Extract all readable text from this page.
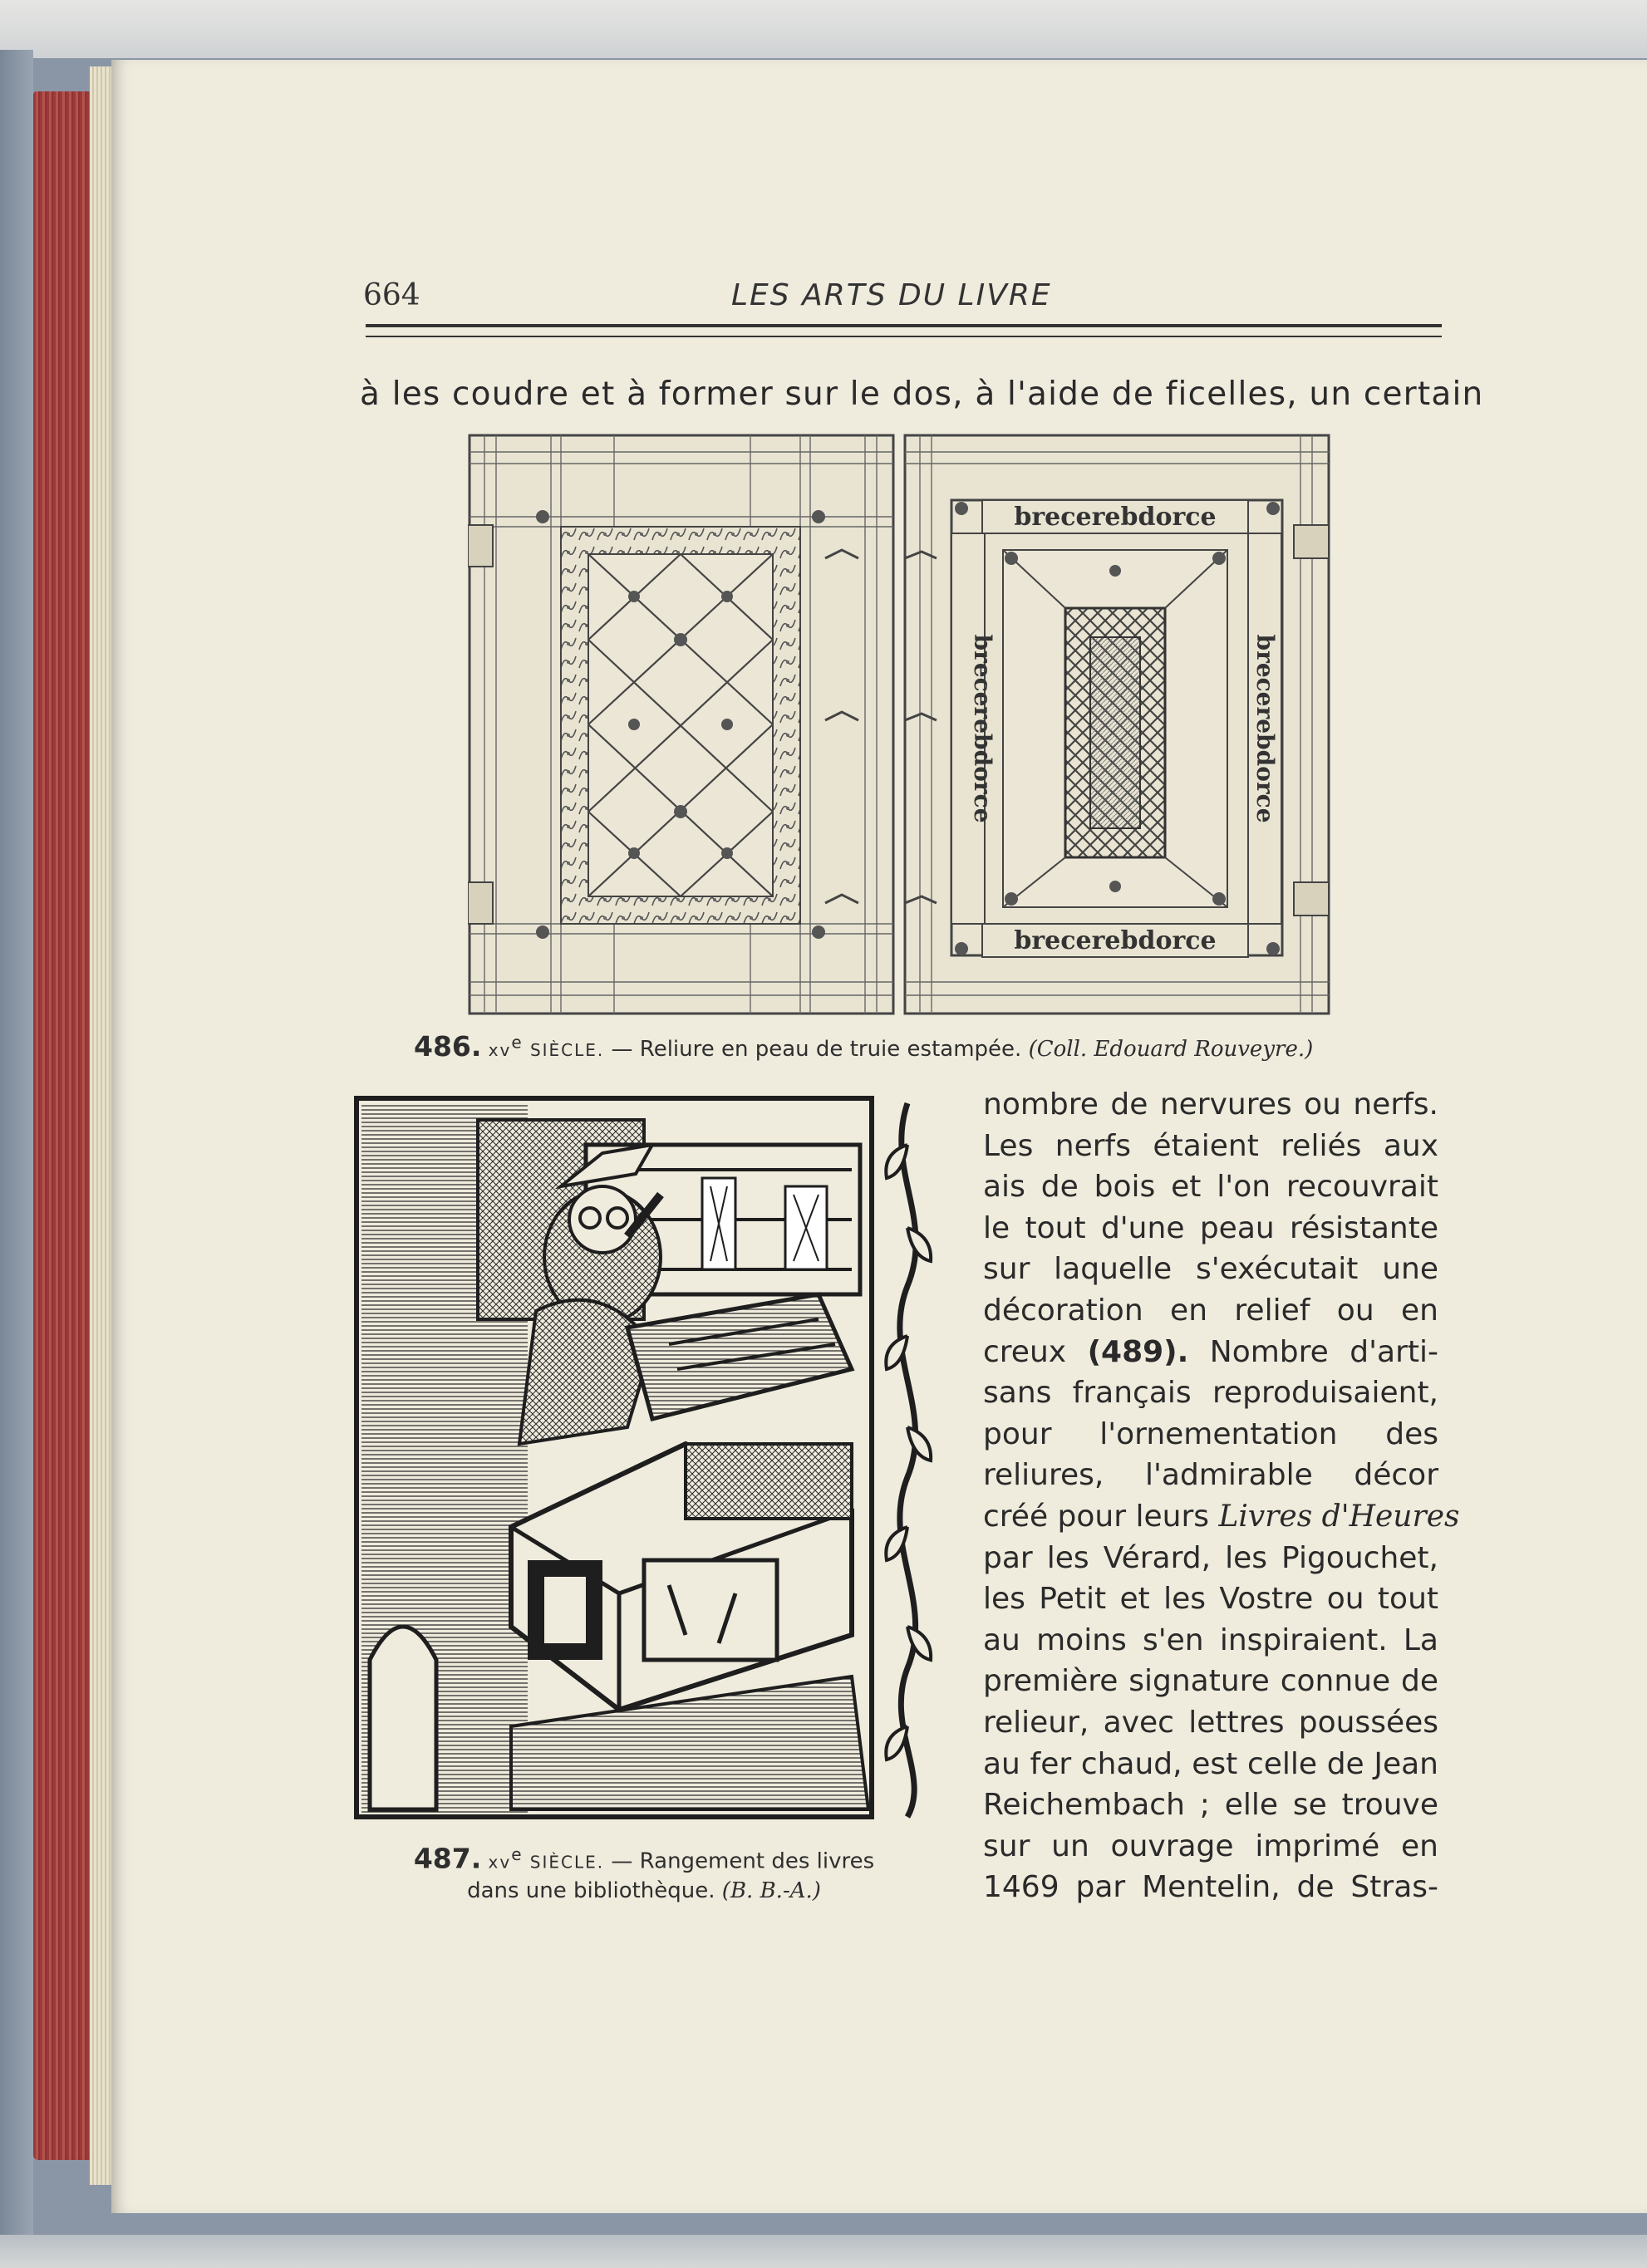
664	LES ARTS DU LIVRE
à les coudre et à former sur le dos, à l'aide de ficelles, un certain
brecerebdorce
brecerebdorce
brecerebdorce	brecerebdorce
486. $xv^e$ SIÈCLE. — Reliure en peau de truie estampée. (Coll. Edouard Rouveyre.)
487. $xv^e$ SIÈCLE. — Rangement des livres
dans une bibliothèque. (B. B.-A.)
nombre de nervures ou nerfs.
Les nerfs étaient reliés aux
ais de bois et l'on recouvrait
le tout d'une peau résistante
sur laquelle s'exécutait une
décoration en relief ou en
creux (489). Nombre d'arti-
sans français reproduisaient,
pour l'ornementation des
reliures, l'admirable décor
créé pour leurs Livres d'Heures
par les Vérard, les Pigouchet,
les Petit et les Vostre ou tout
au moins s'en inspiraient. La
première signature connue de
relieur, avec lettres poussées
au fer chaud, est celle de Jean
Reichembach ; elle se trouve
sur un ouvrage imprimé en
1469 par Mentelin, de Stras-
